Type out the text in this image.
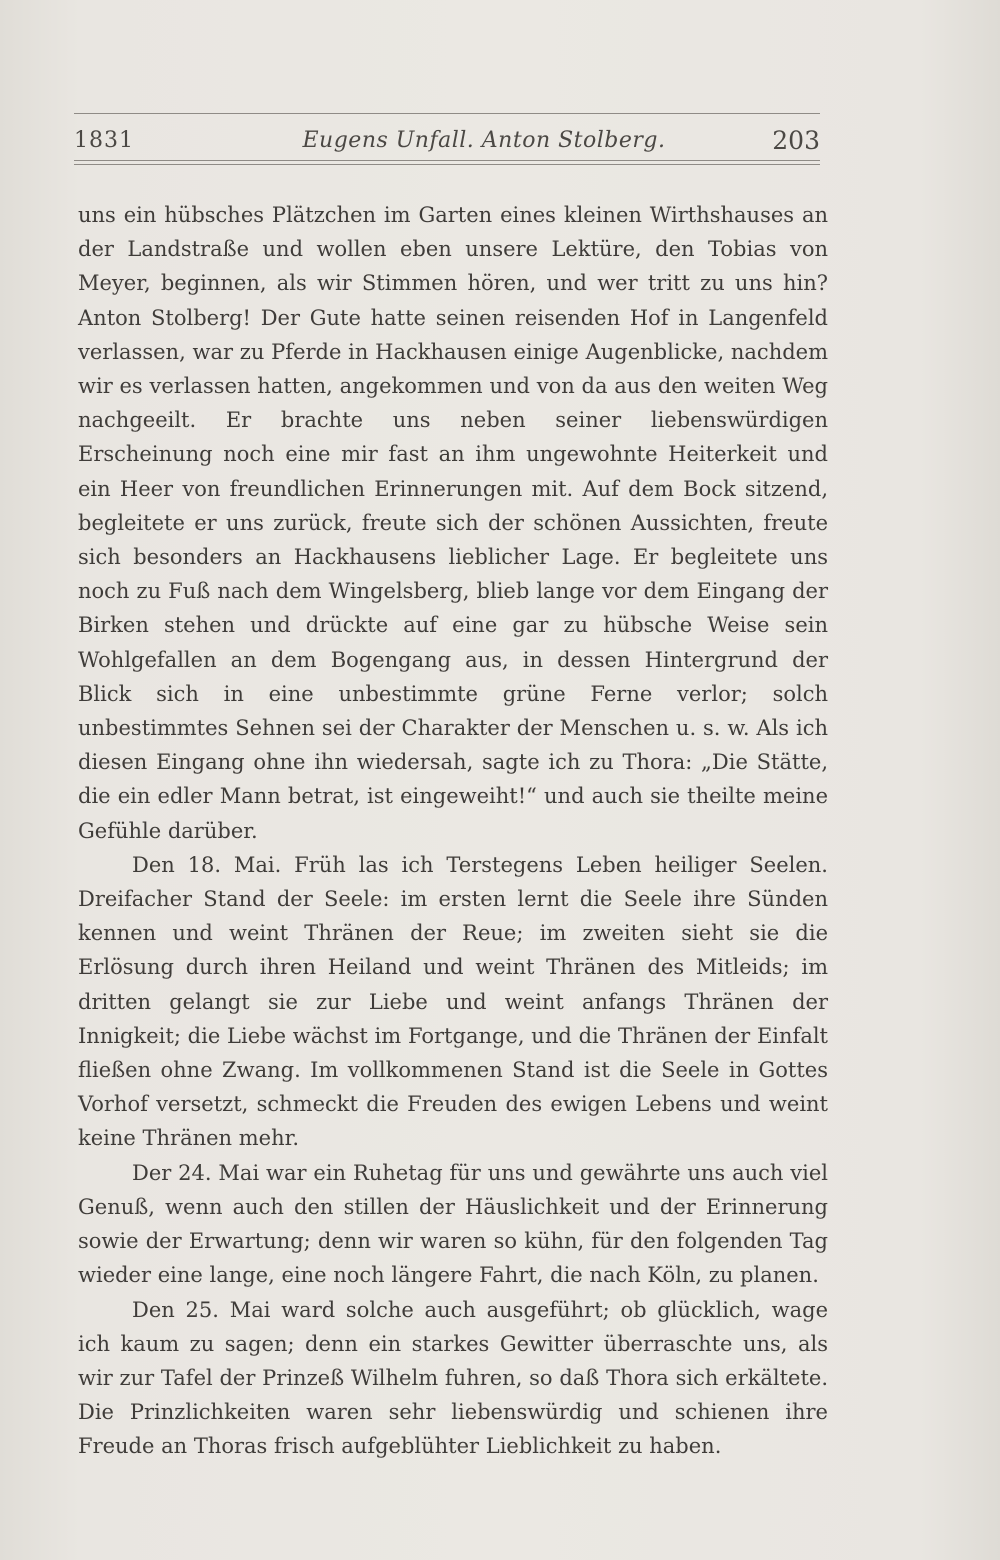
1831	Eugens Unfall. Anton Stolberg.	203

uns ein hübsches Plätzchen im Garten eines kleinen Wirthshauses an der Landstraße und wollen eben unsere Lektüre, den Tobias von Meyer, beginnen, als wir Stimmen hören, und wer tritt zu uns hin? Anton Stolberg! Der Gute hatte seinen reisenden Hof in Langenfeld verlassen, war zu Pferde in Hackhausen einige Augenblicke, nachdem wir es verlassen hatten, angekommen und von da aus den weiten Weg nachgeeilt. Er brachte uns neben seiner liebenswürdigen Erscheinung noch eine mir fast an ihm ungewohnte Heiterkeit und ein Heer von freundlichen Erinnerungen mit. Auf dem Bock sitzend, begleitete er uns zurück, freute sich der schönen Aussichten, freute sich besonders an Hackhausens lieblicher Lage. Er begleitete uns noch zu Fuß nach dem Wingelsberg, blieb lange vor dem Eingang der Birken stehen und drückte auf eine gar zu hübsche Weise sein Wohlgefallen an dem Bogengang aus, in dessen Hintergrund der Blick sich in eine unbestimmte grüne Ferne verlor; solch unbestimmtes Sehnen sei der Charakter der Menschen u. s. w. Als ich diesen Eingang ohne ihn wiedersah, sagte ich zu Thora: „Die Stätte, die ein edler Mann betrat, ist eingeweiht!“ und auch sie theilte meine Gefühle darüber.

Den 18. Mai. Früh las ich Terstegens Leben heiliger Seelen. Dreifacher Stand der Seele: im ersten lernt die Seele ihre Sünden kennen und weint Thränen der Reue; im zweiten sieht sie die Erlösung durch ihren Heiland und weint Thränen des Mitleids; im dritten gelangt sie zur Liebe und weint anfangs Thränen der Innigkeit; die Liebe wächst im Fortgange, und die Thränen der Einfalt fließen ohne Zwang. Im vollkommenen Stand ist die Seele in Gottes Vorhof versetzt, schmeckt die Freuden des ewigen Lebens und weint keine Thränen mehr.

Der 24. Mai war ein Ruhetag für uns und gewährte uns auch viel Genuß, wenn auch den stillen der Häuslichkeit und der Erinnerung sowie der Erwartung; denn wir waren so kühn, für den folgenden Tag wieder eine lange, eine noch längere Fahrt, die nach Köln, zu planen.

Den 25. Mai ward solche auch ausgeführt; ob glücklich, wage ich kaum zu sagen; denn ein starkes Gewitter überraschte uns, als wir zur Tafel der Prinzeß Wilhelm fuhren, so daß Thora sich erkältete. Die Prinzlichkeiten waren sehr liebenswürdig und schienen ihre Freude an Thoras frisch aufgeblühter Lieblichkeit zu haben.
